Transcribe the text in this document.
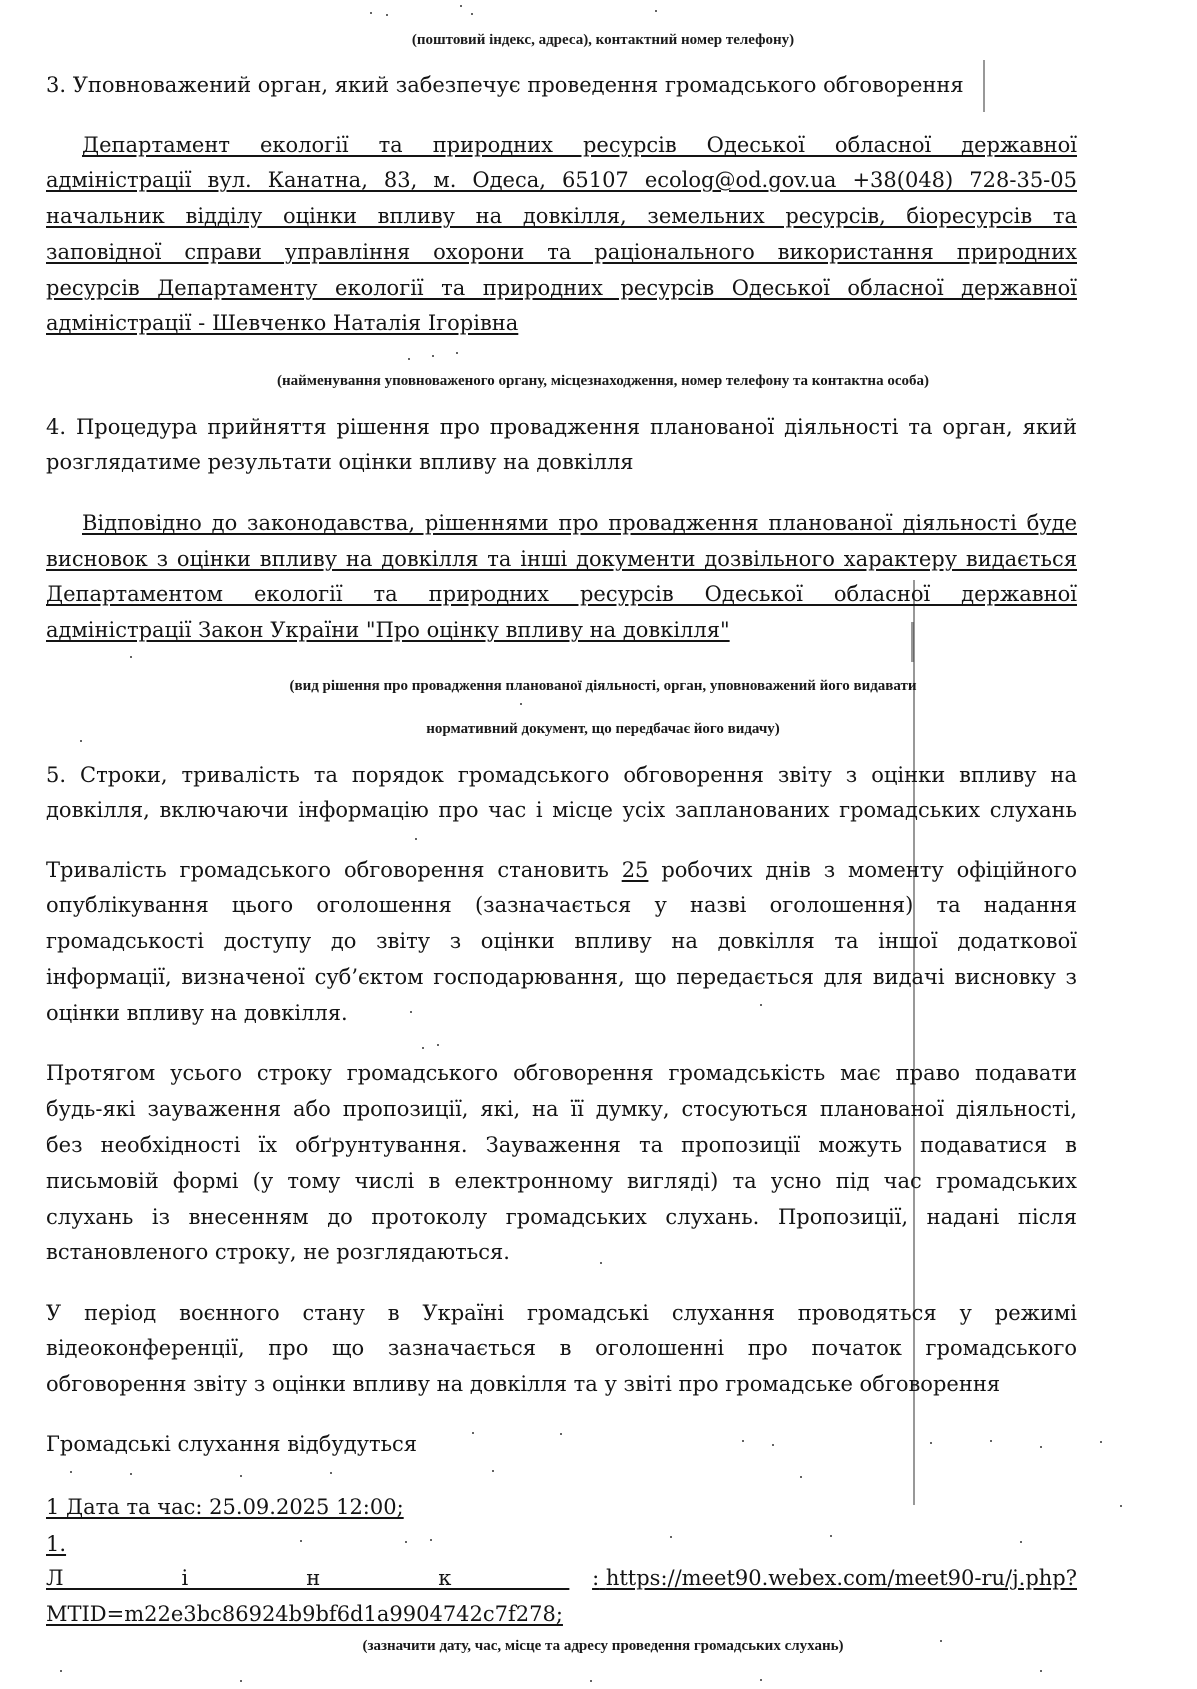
(поштовий індекс, адреса), контактний номер телефону)
3. Уповноважений орган, який забезпечує проведення громадського обговорення
Департамент екології та природних ресурсів Одеської обласної державної
адміністрації вул. Канатна, 83, м. Одеса, 65107 ecolog@od.gov.ua +38(048) 728-35-05
начальник відділу оцінки впливу на довкілля, земельних ресурсів, біоресурсів та
заповідної справи управління охорони та раціонального використання природних
ресурсів Департаменту екології та природних ресурсів Одеської обласної державної
адміністрації - Шевченко Наталія Ігорівна
(найменування уповноваженого органу, місцезнаходження, номер телефону та контактна особа)
4. Процедура прийняття рішення про провадження планованої діяльності та орган, який
розглядатиме результати оцінки впливу на довкілля
Відповідно до законодавства, рішеннями про провадження планованої діяльності буде
висновок з оцінки впливу на довкілля та інші документи дозвільного характеру видається
Департаментом екології та природних ресурсів Одеської обласної державної
адміністрації Закон України "Про оцінку впливу на довкілля"
(вид рішення про провадження планованої діяльності, орган, уповноважений його видавати
нормативний документ, що передбачає його видачу)
5. Строки, тривалість та порядок громадського обговорення звіту з оцінки впливу на
довкілля, включаючи інформацію про час і місце усіх запланованих громадських слухань
Тривалість громадського обговорення становить 25 робочих днів з моменту офіційного
опублікування цього оголошення (зазначається у назві оголошення) та надання
громадськості доступу до звіту з оцінки впливу на довкілля та іншої додаткової
інформації, визначеної суб’єктом господарювання, що передається для видачі висновку з
оцінки впливу на довкілля.
Протягом усього строку громадського обговорення громадськість має право подавати
будь-які зауваження або пропозиції, які, на її думку, стосуються планованої діяльності,
без необхідності їх обґрунтування. Зауваження та пропозиції можуть подаватися в
письмовій формі (у тому числі в електронному вигляді) та усно під час громадських
слухань із внесенням до протоколу громадських слухань. Пропозиції, надані після
встановленого строку, не розглядаються.
У період воєнного стану в Україні громадські слухання проводяться у режимі
відеоконференції, про що зазначається в оголошенні про початок громадського
обговорення звіту з оцінки впливу на довкілля та у звіті про громадське обговорення
Громадські слухання відбудуться
1 Дата та час: 25.09.2025 12:00;
1.
Лінк : https://meet90.webex.com/meet90-ru/j.php?
MTID=m22e3bc86924b9bf6d1a9904742c7f278;
(зазначити дату, час, місце та адресу проведення громадських слухань)
